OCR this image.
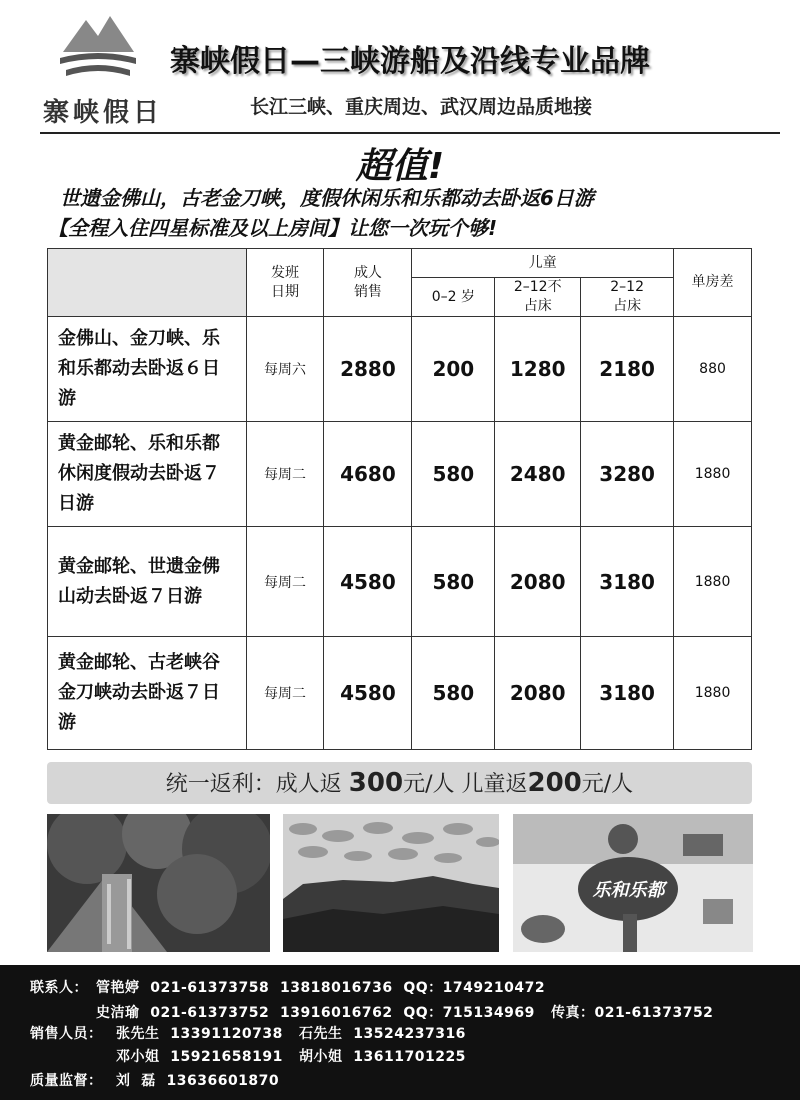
寨峡假日
寨峡假日—三峡游船及沿线专业品牌
长江三峡、重庆周边、武汉周边品质地接
超值!
世遗金佛山，古老金刀峡，度假休闲乐和乐都动去卧返6日游
【全程入住四星标准及以上房间】让您一次玩个够!

	发班日期	成人销售	儿童			单房差
			0–2 岁	2–12不占床	2–12占床	

金佛山、金刀峡、乐和乐都动去卧返６日游	每周六	2880	200	1280	2180	880
黄金邮轮、乐和乐都休闲度假动去卧返７日游	每周二	4680	580	2480	3280	1880
黄金邮轮、世遗金佛山动去卧返７日游	每周二	4580	580	2080	3180	1880
黄金邮轮、古老峡谷金刀峡动去卧返７日游	每周二	4580	580	2080	3180	1880
统一返利：成人返 300元/人 儿童返200元/人
乐和乐都
联系人： 管艳婷  021-61373758  13818016736  QQ：1749210472
史洁瑜  021-61373752  13916016762  QQ：715134969   传真：021-61373752
销售人员： 张先生  13391120738   石先生  13524237316
邓小姐  15921658191   胡小姐  13611701225
质量监督： 刘  磊  13636601870
